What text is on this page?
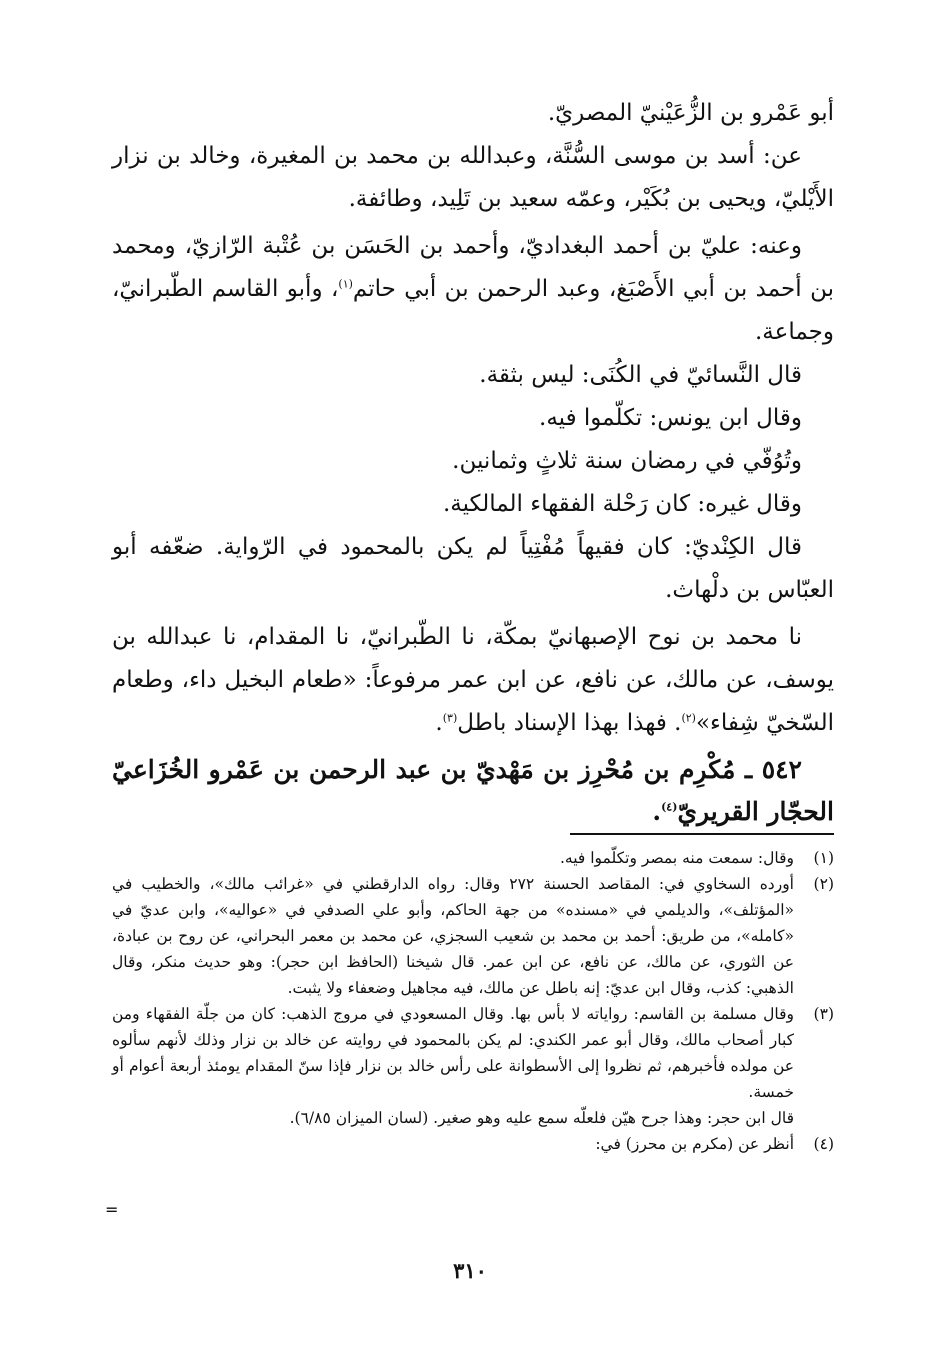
أبو عَمْرو بن الزُّعَيْنيّ المصريّ.

عن: أسد بن موسى السُّنَّة، وعبدالله بن محمد بن المغيرة، وخالد بن نزار الأَيْليّ، ويحيى بن بُكَيْر، وعمّه سعيد بن تَلِيد، وطائفة.

وعنه: عليّ بن أحمد البغداديّ، وأحمد بن الحَسَن بن عُتْبة الرّازيّ، ومحمد بن أحمد بن أبي الأَصْبَغ، وعبد الرحمن بن أبي حاتم$^{(١)}$، وأبو القاسم الطّبرانيّ، وجماعة.

قال النَّسائيّ في الكُنَى: ليس بثقة.

وقال ابن يونس: تكلّموا فيه.

وتُوُفّي في رمضان سنة ثلاثٍ وثمانين.

وقال غيره: كان رَحْلة الفقهاء المالكية.

قال الكِنْديّ: كان فقيهاً مُفْتِياً لم يكن بالمحمود في الرّواية. ضعّفه أبو العبّاس بن دلْهاث.

نا محمد بن نوح الإصبهانيّ بمكّة، نا الطّبرانيّ، نا المقدام، نا عبدالله بن يوسف، عن مالك، عن نافع، عن ابن عمر مرفوعاً: «طعام البخيل داء، وطعام السّخيّ شِفاء»$^{(٢)}$. فهذا بهذا الإسناد باطل$^{(٣)}$.

٥٤٢ ـ مُكْرِم بن مُحْرِز بن مَهْديّ بن عبد الرحمن بن عَمْرو الخُزَاعيّ الحجّار القريريّ$^{(٤)}$.

(١)

وقال: سمعت منه بمصر وتكلّموا فيه.

(٢)

أورده السخاوي في: المقاصد الحسنة ٢٧٢ وقال: رواه الدارقطني في «غرائب مالك»، والخطيب في «المؤتلف»، والديلمي في «مسنده» من جهة الحاكم، وأبو علي الصدفي في «عواليه»، وابن عديّ في «كامله»، من طريق: أحمد بن محمد بن شعيب السجزي، عن محمد بن معمر البحراني، عن روح بن عبادة، عن الثوري، عن مالك، عن نافع، عن ابن عمر. قال شيخنا (الحافظ ابن حجر): وهو حديث منكر، وقال الذهبي: كذب، وقال ابن عديّ: إنه باطل عن مالك، فيه مجاهيل وضعفاء ولا يثبت.

(٣)

وقال مسلمة بن القاسم: رواياته لا بأس بها. وقال المسعودي في مروج الذهب: كان من جلّة الفقهاء ومن كبار أصحاب مالك، وقال أبو عمر الكندي: لم يكن بالمحمود في روايته عن خالد بن نزار وذلك لأنهم سألوه عن مولده فأخبرهم، ثم نظروا إلى الأسطوانة على رأس خالد بن نزار فإذا سنّ المقدام يومئذ أربعة أعوام أو خمسة.

قال ابن حجر: وهذا جرح هيّن فلعلّه سمع عليه وهو صغير. (لسان الميزان ٦/٨٥).

(٤)

أنظر عن (مكرم بن محرز) في:

=
٣١٠
